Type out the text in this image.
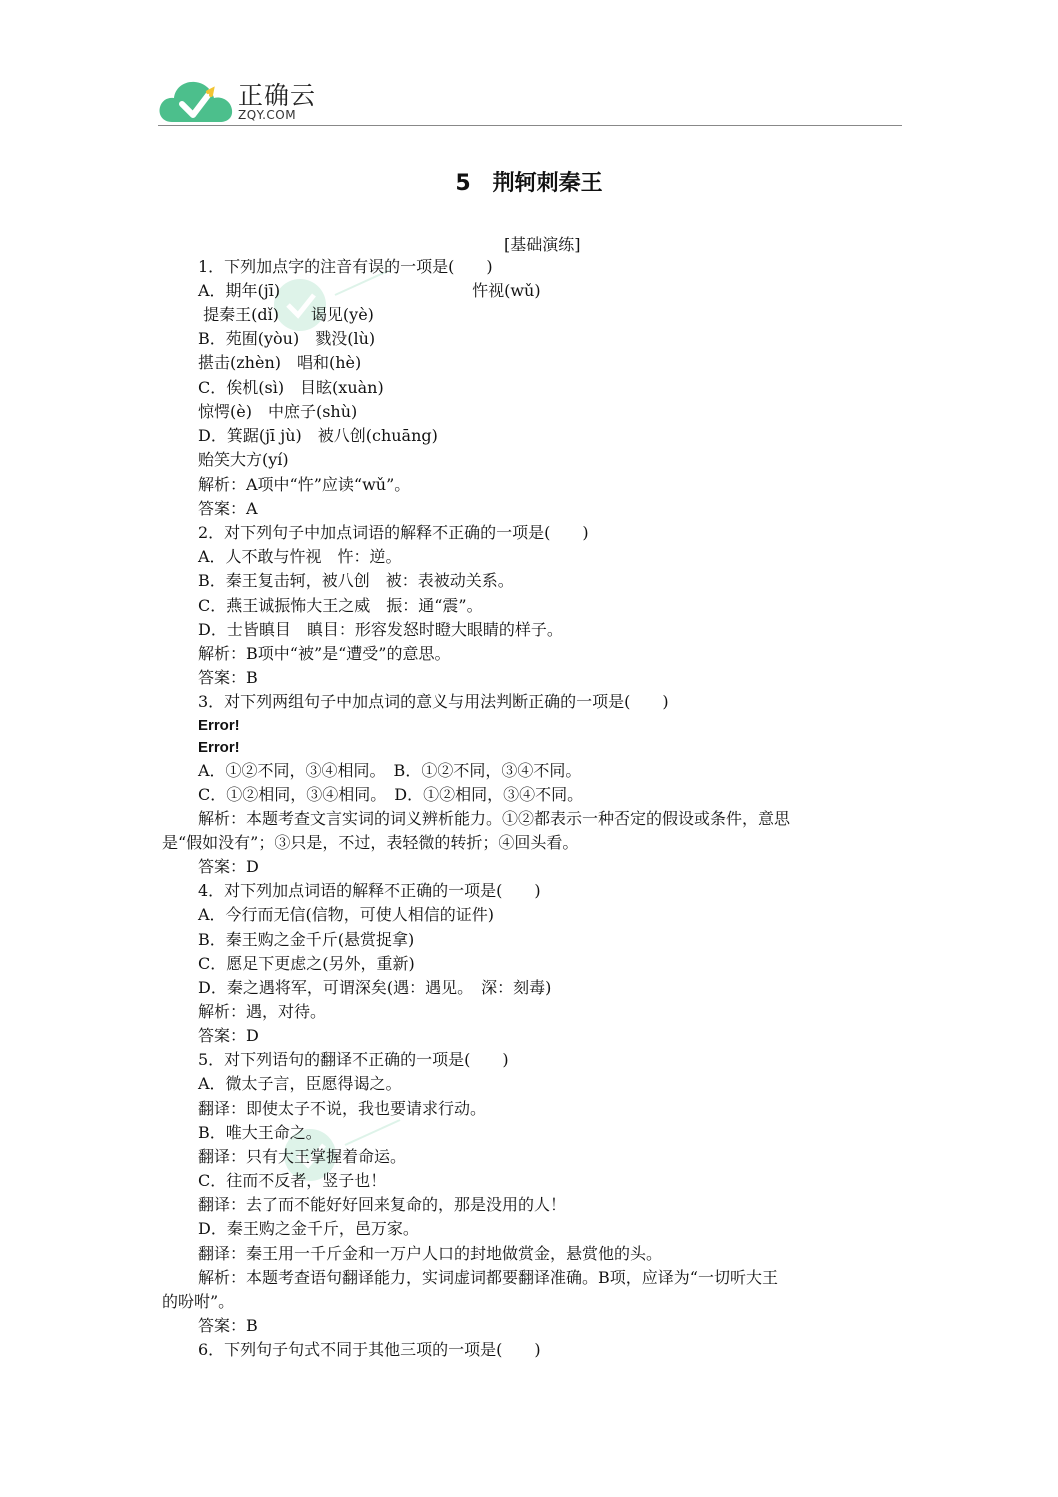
正确云
ZQY.COM
5　荆轲刺秦王
[基础演练]
1．下列加点字的注音有误的一项是(　　)
A．期年(jī)　　　　　　　　　　　　忤视(wǔ)
提秦王(dǐ)　　谒见(yè)
B．苑囿(yòu)　戮没(lù)
揕击(zhèn)　唱和(hè)
C．俟机(sì)　目眩(xuàn)
惊愕(è)　中庶子(shù)
D．箕踞(jī jù)　被八创(chuāng)
贻笑大方(yí)
解析：A项中“忤”应读“wǔ”。
答案：A
2．对下列句子中加点词语的解释不正确的一项是(　　)
A．人不敢与忤视　忤：逆。
B．秦王复击轲，被八创　被：表被动关系。
C．燕王诚振怖大王之威　振：通“震”。
D．士皆瞋目　瞋目：形容发怒时瞪大眼睛的样子。
解析：B项中“被”是“遭受”的意思。
答案：B
3．对下列两组句子中加点词的意义与用法判断正确的一项是(　　)
Error!
Error!
A．①②不同，③④相同。　B．①②不同，③④不同。
C．①②相同，③④相同。　D．①②相同，③④不同。
解析：本题考查文言实词的词义辨析能力。①②都表示一种否定的假设或条件，意思
是“假如没有”；③只是，不过，表轻微的转折；④回头看。
答案：D
4．对下列加点词语的解释不正确的一项是(　　)
A．今行而无信(信物，可使人相信的证件)
B．秦王购之金千斤(悬赏捉拿)
C．愿足下更虑之(另外，重新)
D．秦之遇将军，可谓深矣(遇：遇见。　深：刻毒)
解析：遇，对待。
答案：D
5．对下列语句的翻译不正确的一项是(　　)
A．微太子言，臣愿得谒之。
翻译：即使太子不说，我也要请求行动。
B．唯大王命之。
翻译：只有大王掌握着命运。
C．往而不反者，竖子也！
翻译：去了而不能好好回来复命的，那是没用的人！
D．秦王购之金千斤，邑万家。
翻译：秦王用一千斤金和一万户人口的封地做赏金，悬赏他的头。
解析：本题考查语句翻译能力，实词虚词都要翻译准确。B项，应译为“一切听大王
的吩咐”。
答案：B
6．下列句子句式不同于其他三项的一项是(　　)
